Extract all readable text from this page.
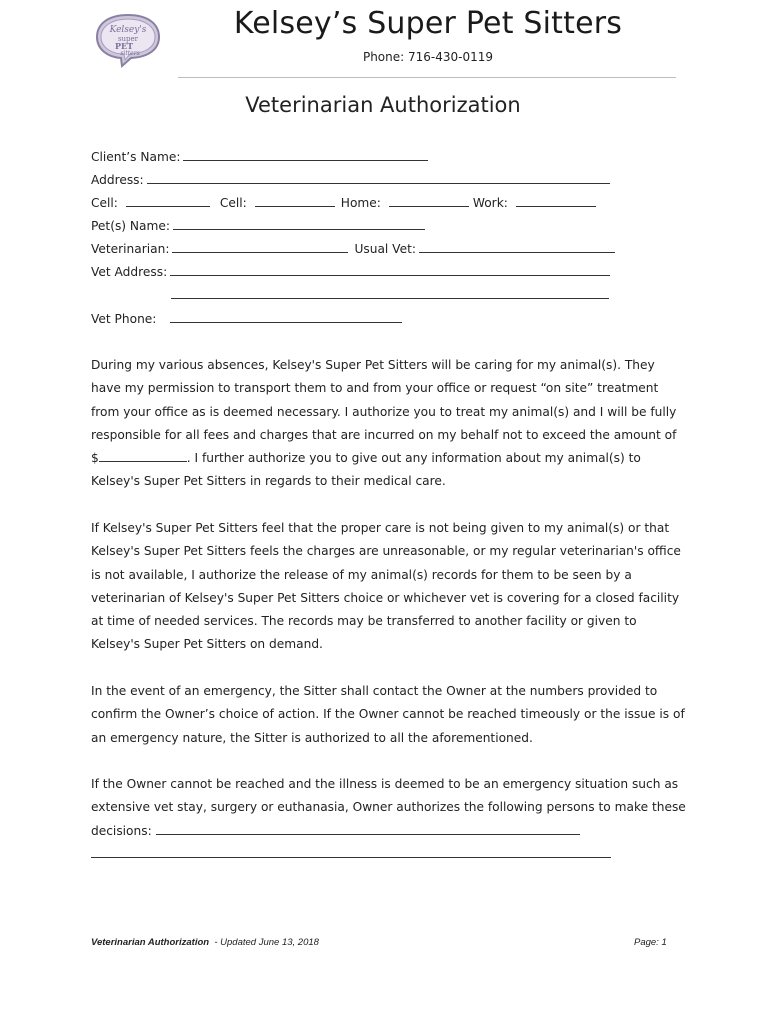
Kelsey's
super
PET
sitters
Kelsey’s Super Pet Sitters
Phone: 716-430-0119
Veterinarian Authorization
Client’s Name:
Address:
Cell:	Cell:	Home:	Work:
Pet(s) Name:
Veterinarian:	Usual Vet:
Vet Address:
Vet Phone:

During my various absences, Kelsey's Super Pet Sitters will be caring for my animal(s). They have my permission to transport them to and from your office or request “on site” treatment from your office as is deemed necessary. I authorize you to treat my animal(s) and I will be fully responsible for all fees and charges that are incurred on my behalf not to exceed the amount of $	. I further authorize you to give out any information about my animal(s) to Kelsey's Super Pet Sitters in regards to their medical care.

If Kelsey's Super Pet Sitters feel that the proper care is not being given to my animal(s) or that Kelsey's Super Pet Sitters feels the charges are unreasonable, or my regular veterinarian's office is not available, I authorize the release of my animal(s) records for them to be seen by a veterinarian of Kelsey's Super Pet Sitters choice or whichever vet is covering for a closed facility at time of needed services. The records may be transferred to another facility or given to Kelsey's Super Pet Sitters on demand.

In the event of an emergency, the Sitter shall contact the Owner at the numbers provided to confirm the Owner’s choice of action. If the Owner cannot be reached timeously or the issue is of an emergency nature, the Sitter is authorized to all the aforementioned.

If the Owner cannot be reached and the illness is deemed to be an emergency situation such as extensive vet stay, surgery or euthanasia, Owner authorizes the following persons to make these decisions:

Veterinarian Authorization - Updated June 13, 2018	Page: 1
